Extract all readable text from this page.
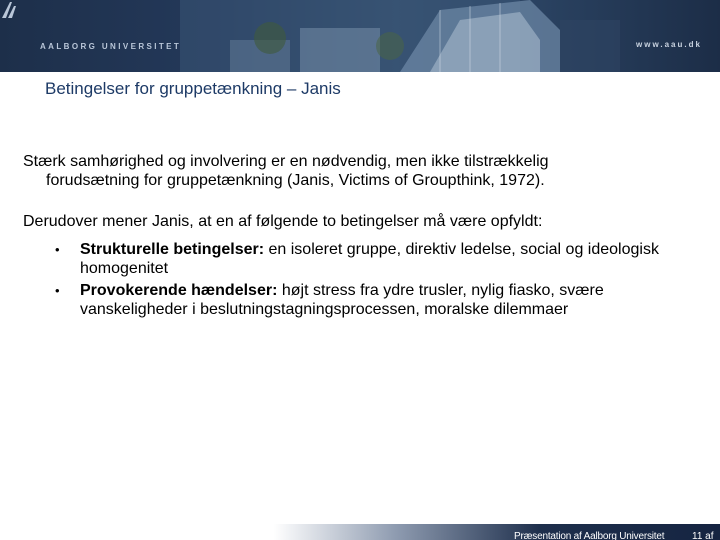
AALBORG UNIVERSITET	www.aau.dk
Betingelser for gruppetænkning – Janis
Stærk samhørighed og involvering er en nødvendig, men ikke tilstrækkelig
forudsætning for gruppetænkning (Janis, Victims of Groupthink, 1972).
Derudover mener Janis, at en af følgende to betingelser må være opfyldt:
• Strukturelle betingelser: en isoleret gruppe, direktiv ledelse, social og ideologisk homogenitet
• Provokerende hændelser: højt stress fra ydre trusler, nylig fiasko, svære vanskeligheder i beslutningstagningsprocessen, moralske dilemmaer
Præsentation af Aalborg Universitet	11 af
